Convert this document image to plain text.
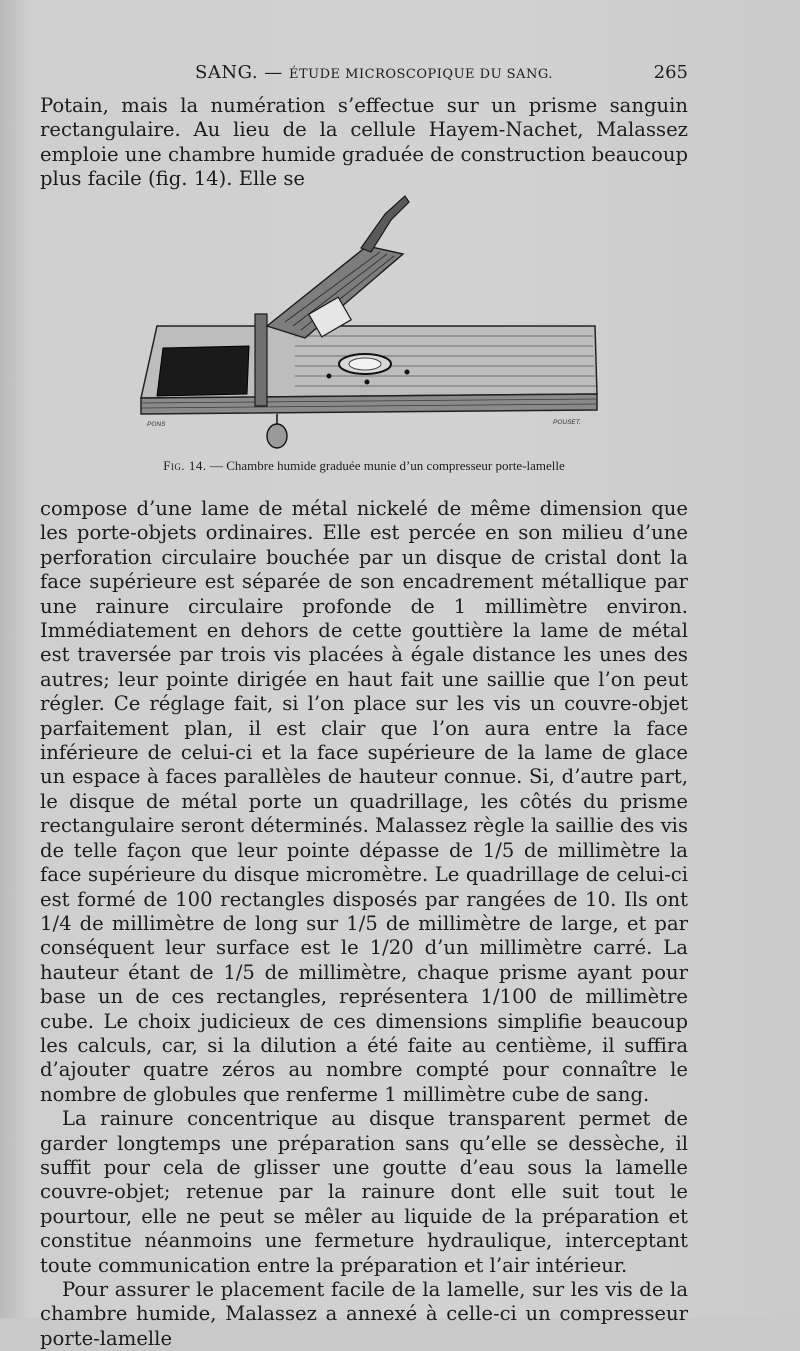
SANG. — ÉTUDE MICROSCOPIQUE DU SANG.	265

Potain, mais la numération s’effectue sur un prisme sanguin rectangulaire. Au lieu de la cellule Hayem-Nachet, Malassez emploie une chambre humide graduée de construction beaucoup plus facile (fig. 14). Elle se

PONS	POUSET.
Fig. 14. — Chambre humide graduée munie d’un compresseur porte-lamelle

compose d’une lame de métal nickelé de même dimension que les porte-objets ordinaires. Elle est percée en son milieu d’une perforation circulaire bouchée par un disque de cristal dont la face supérieure est séparée de son encadrement métallique par une rainure circulaire profonde de 1 millimètre environ. Immédiatement en dehors de cette gouttière la lame de métal est traversée par trois vis placées à égale distance les unes des autres; leur pointe dirigée en haut fait une saillie que l’on peut régler. Ce réglage fait, si l’on place sur les vis un couvre-objet parfaitement plan, il est clair que l’on aura entre la face inférieure de celui-ci et la face supérieure de la lame de glace un espace à faces parallèles de hauteur connue. Si, d’autre part, le disque de métal porte un quadrillage, les côtés du prisme rectangulaire seront déterminés. Malassez règle la saillie des vis de telle façon que leur pointe dépasse de 1/5 de millimètre la face supérieure du disque micromètre. Le quadrillage de celui-ci est formé de 100 rectangles disposés par rangées de 10. Ils ont 1/4 de millimètre de long sur 1/5 de millimètre de large, et par conséquent leur surface est le 1/20 d’un millimètre carré. La hauteur étant de 1/5 de millimètre, chaque prisme ayant pour base un de ces rectangles, représentera 1/100 de millimètre cube. Le choix judicieux de ces dimensions simplifie beaucoup les calculs, car, si la dilution a été faite au centième, il suffira d’ajouter quatre zéros au nombre compté pour connaître le nombre de globules que renferme 1 millimètre cube de sang.

La rainure concentrique au disque transparent permet de garder longtemps une préparation sans qu’elle se dessèche, il suffit pour cela de glisser une goutte d’eau sous la lamelle couvre-objet; retenue par la rainure dont elle suit tout le pourtour, elle ne peut se mêler au liquide de la préparation et constitue néanmoins une fermeture hydraulique, interceptant toute communication entre la préparation et l’air intérieur.

Pour assurer le placement facile de la lamelle, sur les vis de la chambre humide, Malassez a annexé à celle-ci un compresseur porte-lamelle
